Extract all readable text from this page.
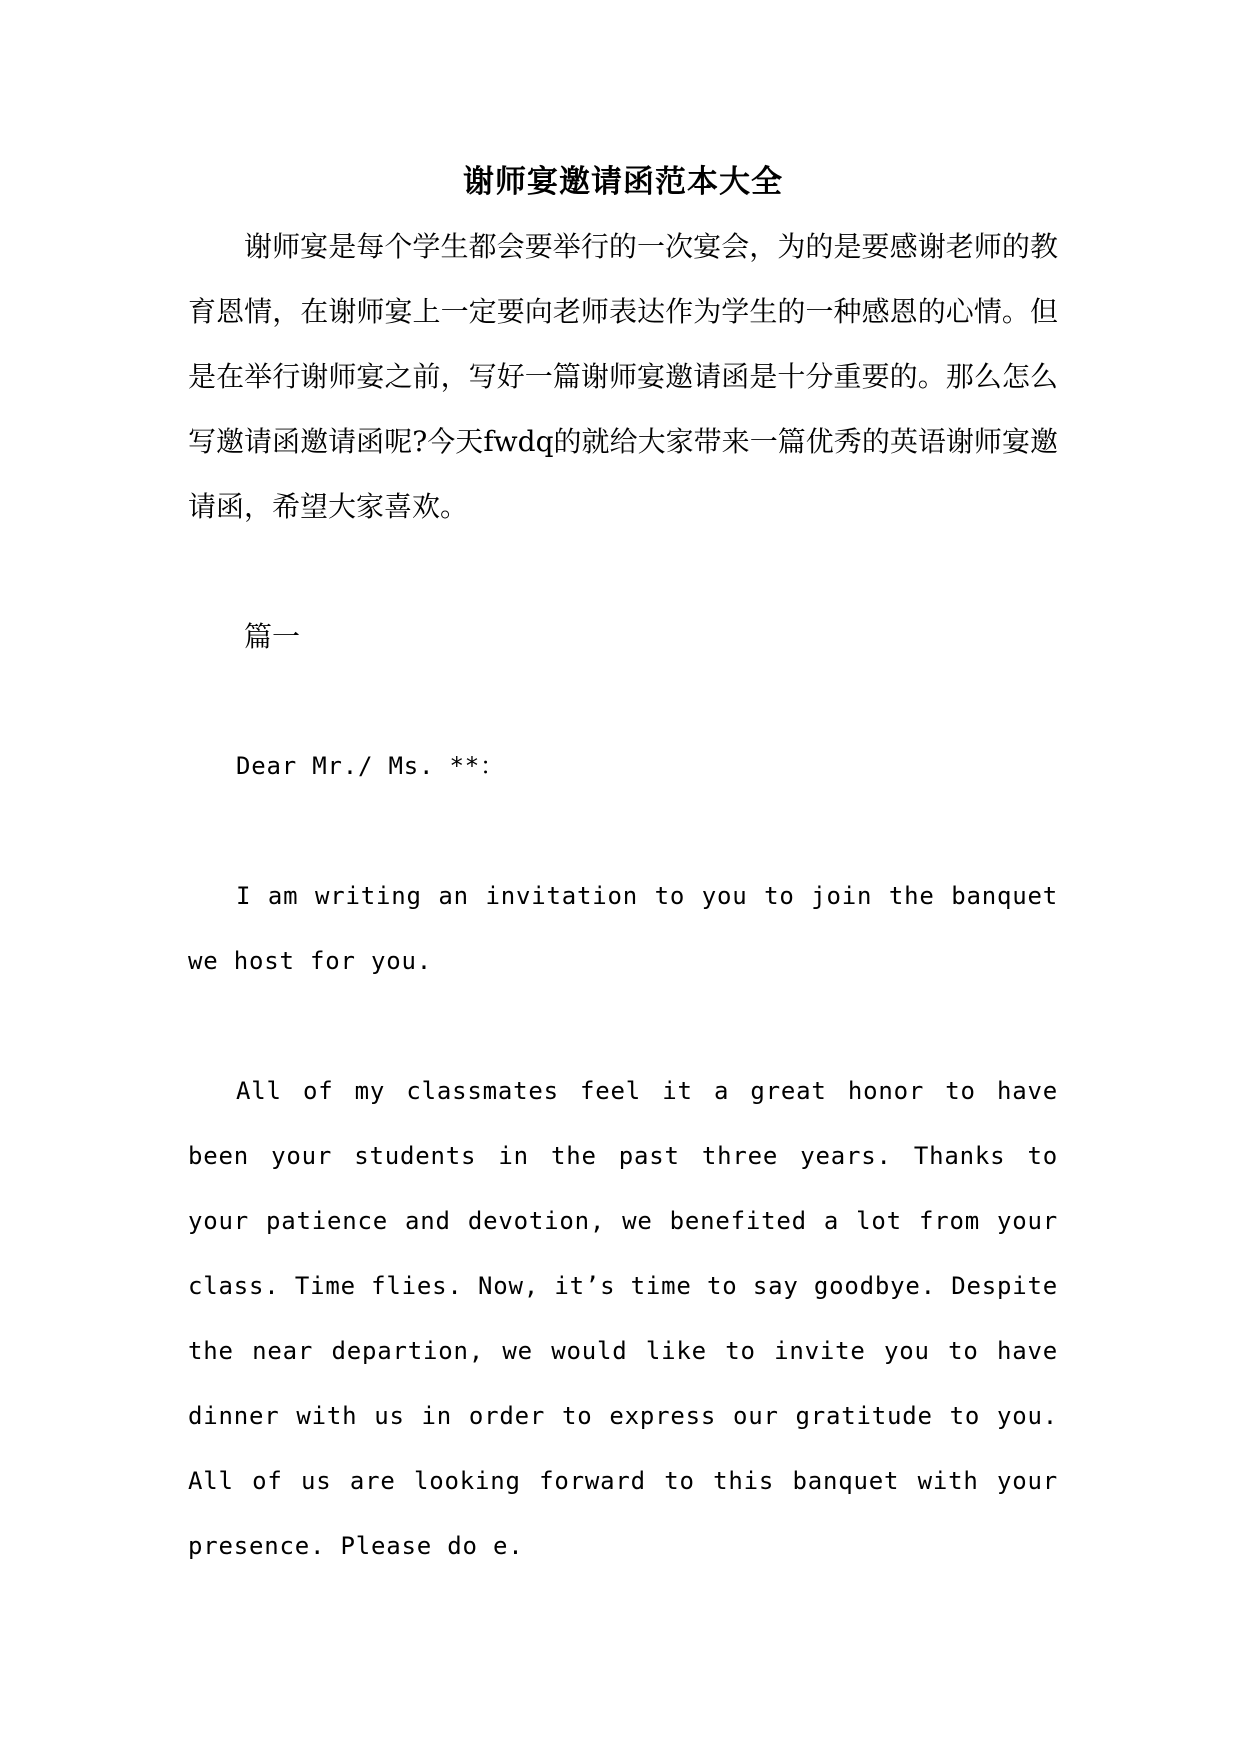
谢师宴邀请函范本大全

谢师宴是每个学生都会要举行的一次宴会，为的是要感谢老师的教育恩情，在谢师宴上一定要向老师表达作为学生的一种感恩的心情。但是在举行谢师宴之前，写好一篇谢师宴邀请函是十分重要的。那么怎么写邀请函邀请函呢?今天fwdq的就给大家带来一篇优秀的英语谢师宴邀请函，希望大家喜欢。

篇一

Dear Mr./ Ms. **：

I am writing an invitation to you to join the banquet we host for you.

All of my classmates feel it a great honor to have been your students in the past three years. Thanks to your patience and devotion, we benefited a lot from your class. Time flies. Now, it’s time to say goodbye. Despite the near departion, we would like to invite you to have dinner with us in order to express our gratitude to you. All of us are looking forward to this banquet with your presence. Please do e.
